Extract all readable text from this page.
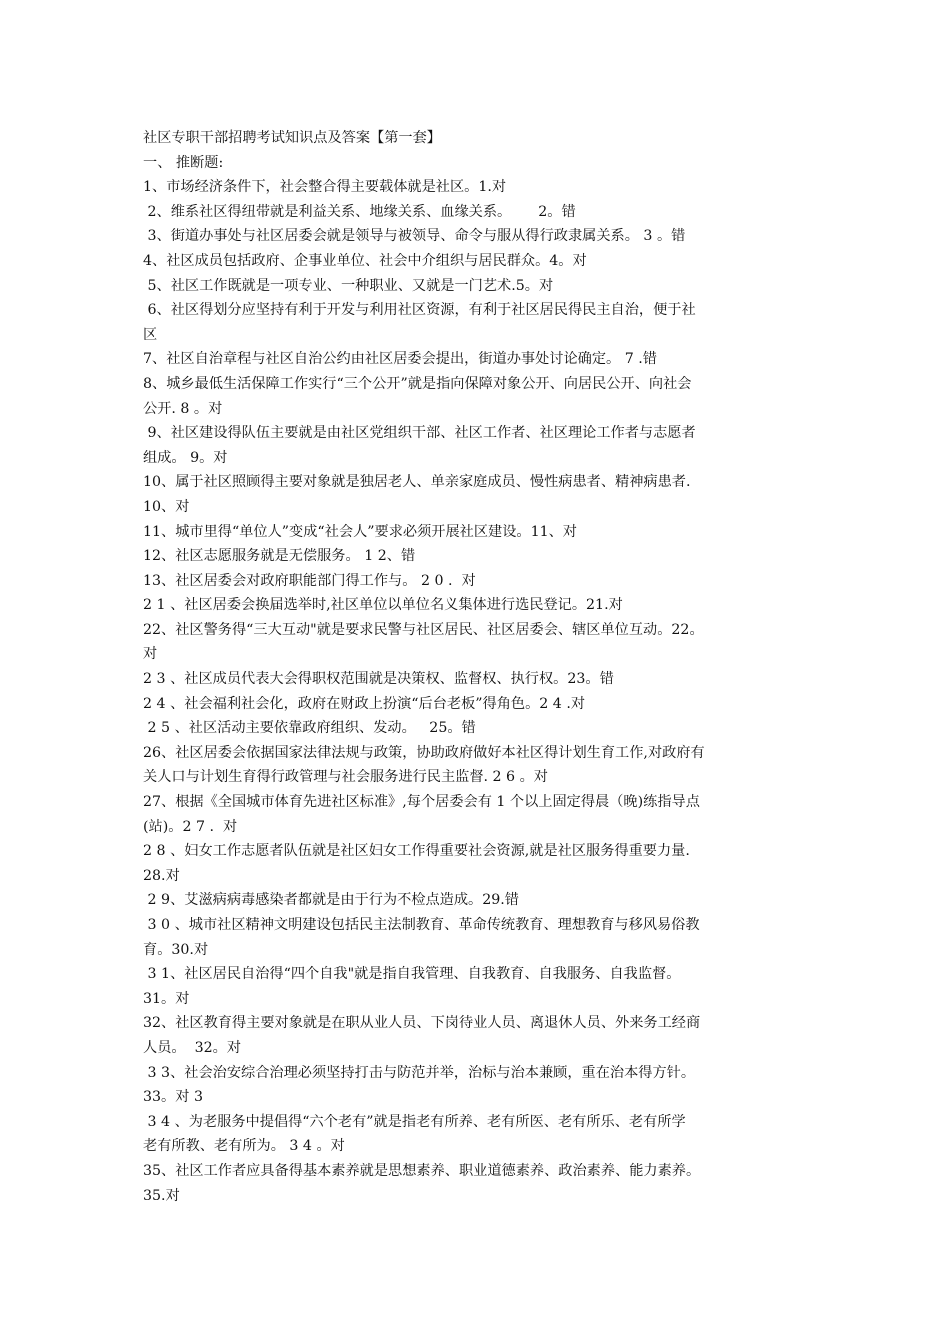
社区专职干部招聘考试知识点及答案【第一套】
一、 推断题:
1、市场经济条件下，社会整合得主要载体就是社区。1.对
2、维系社区得纽带就是利益关系、地缘关系、血缘关系。      2。错
3、街道办事处与社区居委会就是领导与被领导、命令与服从得行政隶属关系。 3 。错
4、社区成员包括政府、企事业单位、社会中介组织与居民群众。4。对
5、社区工作既就是一项专业、一种职业、又就是一门艺术.5。对
6、社区得划分应坚持有利于开发与利用社区资源，有利于社区居民得民主自治，便于社
区
7、社区自治章程与社区自治公约由社区居委会提出，街道办事处讨论确定。 7 .错
8、城乡最低生活保障工作实行“三个公开”就是指向保障对象公开、向居民公开、向社会
公开. 8 。对
9、社区建设得队伍主要就是由社区党组织干部、社区工作者、社区理论工作者与志愿者
组成。 9。对
10、属于社区照顾得主要对象就是独居老人、单亲家庭成员、慢性病患者、精神病患者.
10、对
11、城市里得“单位人”变成“社会人”要求必须开展社区建设。11、对
12、社区志愿服务就是无偿服务。 1 2、错
13、社区居委会对政府职能部门得工作与。 2 0 .  对
2 1 、社区居委会换届选举时,社区单位以单位名义集体进行选民登记。21.对
22、社区警务得“三大互动"就是要求民警与社区居民、社区居委会、辖区单位互动。22。
对
2 3 、社区成员代表大会得职权范围就是决策权、监督权、执行权。23。错
2 4 、社会福利社会化，政府在财政上扮演“后台老板”得角色。2 4 .对
2 5 、社区活动主要依靠政府组织、发动。   25。错
26、社区居委会依据国家法律法规与政策，协助政府做好本社区得计划生育工作,对政府有
关人口与计划生育得行政管理与社会服务进行民主监督. 2 6 。对
27、根据《全国城市体育先进社区标准》,每个居委会有 1 个以上固定得晨（晚)练指导点
(站)。2 7 .  对
2 8 、妇女工作志愿者队伍就是社区妇女工作得重要社会资源,就是社区服务得重要力量.
28.对
2 9、艾滋病病毒感染者都就是由于行为不检点造成。29.错
3 0 、城市社区精神文明建设包括民主法制教育、革命传统教育、理想教育与移风易俗教
育。30.对
3 1、社区居民自治得“四个自我"就是指自我管理、自我教育、自我服务、自我监督。
31。对
32、社区教育得主要对象就是在职从业人员、下岗待业人员、离退休人员、外来务工经商
人员。  32。对
3 3、社会治安综合治理必须坚持打击与防范并举，治标与治本兼顾，重在治本得方针。
33。对 3
3 4 、为老服务中提倡得“六个老有”就是指老有所养、老有所医、老有所乐、老有所学
老有所教、老有所为。 3 4 。对
35、社区工作者应具备得基本素养就是思想素养、职业道德素养、政治素养、能力素养。
35.对
